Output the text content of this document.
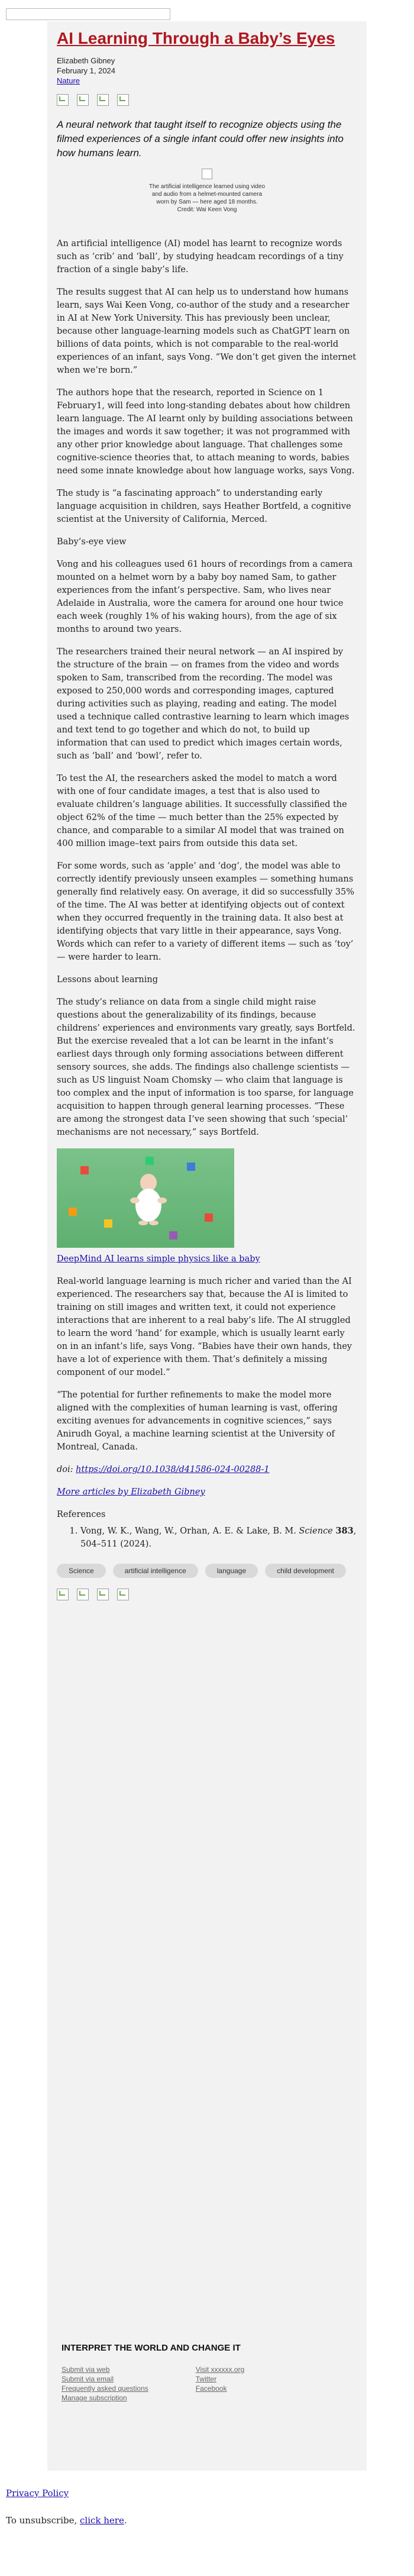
AI Learning Through a Baby’s Eyes
Elizabeth Gibney
February 1, 2024
Nature
A neural network that taught itself to recognize objects using the filmed experiences of a single infant could offer new insights into how humans learn.
The artificial intelligence learned using video and audio from a helmet-mounted camera worn by Sam — here aged 18 months. Credit: Wai Keen Vong

An artificial intelligence (AI) model has learnt to recognize words such as ‘crib’ and ‘ball’, by studying headcam recordings of a tiny fraction of a single baby’s life.

The results suggest that AI can help us to understand how humans learn, says Wai Keen Vong, co-author of the study and a researcher in AI at New York University. This has previously been unclear, because other language-learning models such as ChatGPT learn on billions of data points, which is not comparable to the real-world experiences of an infant, says Vong. “We don’t get given the internet when we’re born.”

The authors hope that the research, reported in Science on 1 February1, will feed into long-standing debates about how children learn language. The AI learnt only by building associations between the images and words it saw together; it was not programmed with any other prior knowledge about language. That challenges some cognitive-science theories that, to attach meaning to words, babies need some innate knowledge about how language works, says Vong.

The study is “a fascinating approach” to understanding early language acquisition in children, says Heather Bortfeld, a cognitive scientist at the University of California, Merced.

Baby’s-eye view

Vong and his colleagues used 61 hours of recordings from a camera mounted on a helmet worn by a baby boy named Sam, to gather experiences from the infant’s perspective. Sam, who lives near Adelaide in Australia, wore the camera for around one hour twice each week (roughly 1% of his waking hours), from the age of six months to around two years.

The researchers trained their neural network — an AI inspired by the structure of the brain — on frames from the video and words spoken to Sam, transcribed from the recording. The model was exposed to 250,000 words and corresponding images, captured during activities such as playing, reading and eating. The model used a technique called contrastive learning to learn which images and text tend to go together and which do not, to build up information that can used to predict which images certain words, such as ‘ball’ and ‘bowl’, refer to.

To test the AI, the researchers asked the model to match a word with one of four candidate images, a test that is also used to evaluate children’s language abilities. It successfully classified the object 62% of the time — much better than the 25% expected by chance, and comparable to a similar AI model that was trained on 400 million image–text pairs from outside this data set.

For some words, such as ‘apple’ and ‘dog’, the model was able to correctly identify previously unseen examples — something humans generally find relatively easy. On average, it did so successfully 35% of the time. The AI was better at identifying objects out of context when they occurred frequently in the training data. It also best at identifying objects that vary little in their appearance, says Vong. Words which can refer to a variety of different items — such as ‘toy’ — were harder to learn.

Lessons about learning

The study’s reliance on data from a single child might raise questions about the generalizability of its findings, because childrens’ experiences and environments vary greatly, says Bortfeld. But the exercise revealed that a lot can be learnt in the infant’s earliest days through only forming associations between different sensory sources, she adds. The findings also challenge scientists — such as US linguist Noam Chomsky — who claim that language is too complex and the input of information is too sparse, for language acquisition to happen through general learning processes. “These are among the strongest data I’ve seen showing that such ‘special’ mechanisms are not necessary,” says Bortfeld.

DeepMind AI learns simple physics like a baby

Real-world language learning is much richer and varied than the AI experienced. The researchers say that, because the AI is limited to training on still images and written text, it could not experience interactions that are inherent to a real baby’s life. The AI struggled to learn the word ‘hand’ for example, which is usually learnt early on in an infant’s life, says Vong. “Babies have their own hands, they have a lot of experience with them. That’s definitely a missing component of our model.”

“The potential for further refinements to make the model more aligned with the complexities of human learning is vast, offering exciting avenues for advancements in cognitive sciences,” says Anirudh Goyal, a machine learning scientist at the University of Montreal, Canada.

doi: https://doi.org/10.1038/d41586-024-00288-1

More articles by Elizabeth Gibney

References
1. Vong, W. K., Wang, W., Orhan, A. E. & Lake, B. M. Science 383, 504–511 (2024).
Science	artificial intelligence	language	child development
INTERPRET THE WORLD AND CHANGE IT
Submit via web
Submit via email
Frequently asked questions
Manage subscription
Visit xxxxxx.org
Twitter
Facebook
Privacy Policy
To unsubscribe, click here.
